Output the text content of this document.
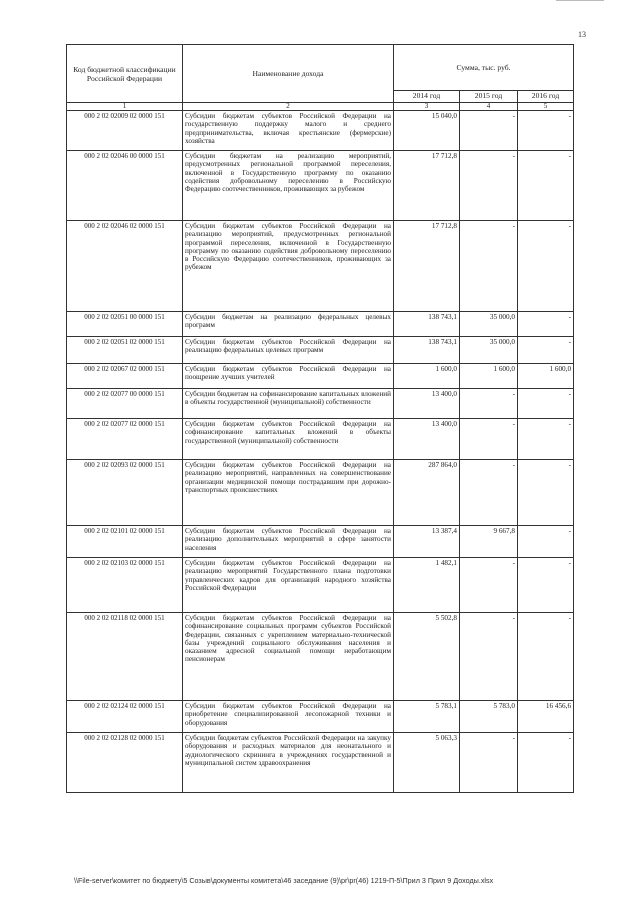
13
Код бюджетной классификации Российской Федерации	Наименование дохода	Сумма, тыс. руб.		
		2014 год	2015 год	2016 год
1	2	3	4	5
000 2 02 02009 02 0000 151	Субсидии бюджетам субъектов Российской Федерации на государственную поддержку малого и среднего предпринимательства, включая крестьянские (фермерские) хозяйства	15 040,0	-	-
000 2 02 02046 00 0000 151	Субсидии бюджетам на реализацию мероприятий, предусмотренных региональной программой переселения, включенной в Государственную программу по оказанию содействия добровольному переселению в Российскую Федерацию соотечественников, проживающих за рубежом	17 712,8	-	-
000 2 02 02046 02 0000 151	Субсидии бюджетам субъектов Российской Федерации на реализацию мероприятий, предусмотренных региональной программой переселения, включенной в Государственную программу по оказанию содействия добровольному переселению в Российскую Федерацию соотечественников, проживающих за рубежом	17 712,8	-	-
000 2 02 02051 00 0000 151	Субсидии бюджетам на реализацию федеральных целевых программ	138 743,1	35 000,0	-
000 2 02 02051 02 0000 151	Субсидии бюджетам субъектов Российской Федерации на реализацию федеральных целевых программ	138 743,1	35 000,0	-
000 2 02 02067 02 0000 151	Субсидии бюджетам субъектов Российской Федерации на поощрение лучших учителей	1 600,0	1 600,0	1 600,0
000 2 02 02077 00 0000 151	Субсидии бюджетам на софинансирование капитальных вложений в объекты государственной (муниципальной) собственности	13 400,0	-	-
000 2 02 02077 02 0000 151	Субсидии бюджетам субъектов Российской Федерации на софинансирование капитальных вложений в объекты государственной (муниципальной) собственности	13 400,0	-	-
000 2 02 02093 02 0000 151	Субсидии бюджетам субъектов Российской Федерации на реализацию мероприятий, направленных на совершенствование организации медицинской помощи пострадавшим при дорожно-транспортных происшествиях	287 864,0	-	-
000 2 02 02101 02 0000 151	Субсидии бюджетам субъектов Российской Федерации на реализацию дополнительных мероприятий в сфере занятости населения	13 387,4	9 667,8	-
000 2 02 02103 02 0000 151	Субсидии бюджетам субъектов Российской Федерации на реализацию мероприятий Государственного плана подготовки управленческих кадров для организаций народного хозяйства Российской Федерации	1 482,1	-	-
000 2 02 02118 02 0000 151	Субсидии бюджетам субъектов Российской Федерации на софинансирование социальных программ субъектов Российской Федерации, связанных с укреплением материально-технической базы учреждений социального обслуживания населения и оказанием адресной социальной помощи неработающим пенсионерам	5 502,8	-	-
000 2 02 02124 02 0000 151	Субсидии бюджетам субъектов Российской Федерации на приобретение специализированной лесопожарной техники и оборудования	5 783,1	5 783,0	16 456,6
000 2 02 02128 02 0000 151	Субсидии бюджетам субъектов Российской Федерации на закупку оборудования и расходных материалов для неонатального и аудиологического скрининга в учреждениях государственной и муниципальной систем здравоохранения	5 063,3	-	-
\\File-server\комитет по бюджету\5 Созыв\документы комитета\46 заседание (9)\pr\pr(46) 1219-П-5\Прил 3 Прил 9 Доходы.xlsx
